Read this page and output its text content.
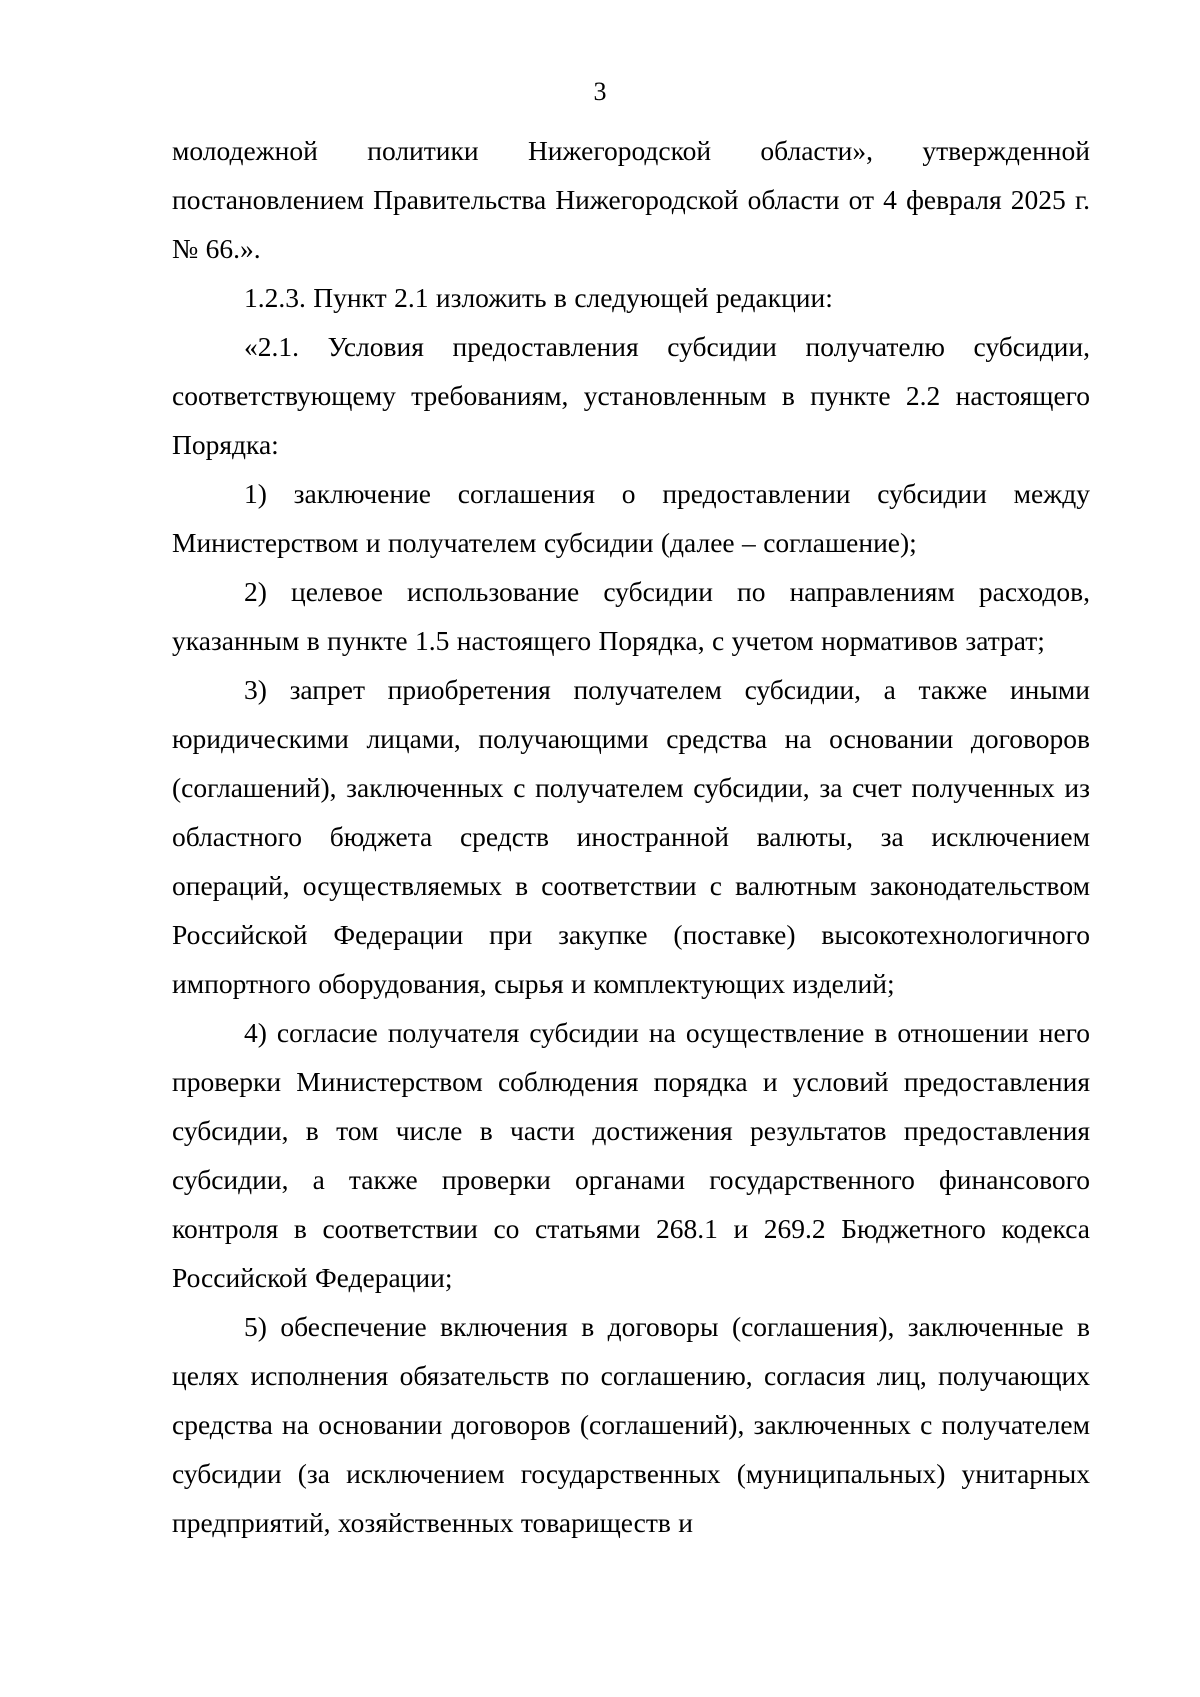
3

молодежной политики Нижегородской области», утвержденной постановлением Правительства Нижегородской области от 4 февраля 2025 г. № 66.».

1.2.3. Пункт 2.1 изложить в следующей редакции:

«2.1. Условия предоставления субсидии получателю субсидии, соответствующему требованиям, установленным в пункте 2.2 настоящего Порядка:

1) заключение соглашения о предоставлении субсидии между Министерством и получателем субсидии (далее – соглашение);

2) целевое использование субсидии по направлениям расходов, указанным в пункте 1.5 настоящего Порядка, с учетом нормативов затрат;

3) запрет приобретения получателем субсидии, а также иными юридическими лицами, получающими средства на основании договоров (соглашений), заключенных с получателем субсидии, за счет полученных из областного бюджета средств иностранной валюты, за исключением операций, осуществляемых в соответствии с валютным законодательством Российской Федерации при закупке (поставке) высокотехнологичного импортного оборудования, сырья и комплектующих изделий;

4) согласие получателя субсидии на осуществление в отношении него проверки Министерством соблюдения порядка и условий предоставления субсидии, в том числе в части достижения результатов предоставления субсидии, а также проверки органами государственного финансового контроля в соответствии со статьями 268.1 и 269.2 Бюджетного кодекса Российской Федерации;

5) обеспечение включения в договоры (соглашения), заключенные в целях исполнения обязательств по соглашению, согласия лиц, получающих средства на основании договоров (соглашений), заключенных с получателем субсидии (за исключением государственных (муниципальных) унитарных предприятий, хозяйственных товариществ и
